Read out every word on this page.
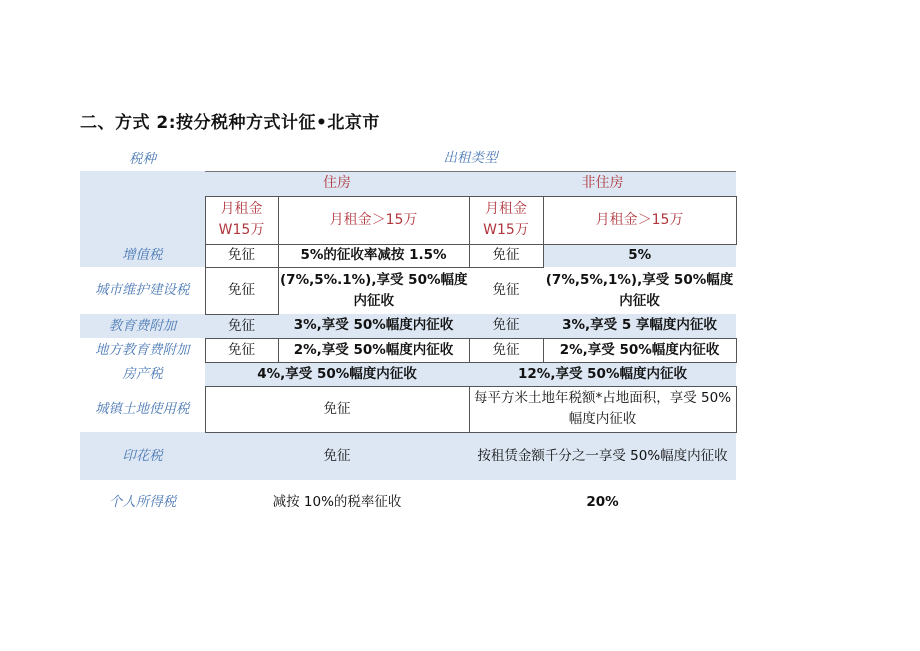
二、方式 2:按分税种方式计征•北京市
税种	出租类型			
	住房		非住房	
	月租金W15万	月租金＞15万	月租金W15万	月租金＞15万
增值税	免征	5%的征收率减按 1.5%	免征	5%
城市维护建设税	免征	(7%,5%.1%),享受 50%幅度内征收	免征	(7%,5%,1%),享受 50%幅度内征收
教育费附加	免征	3%,享受 50%幅度内征收	免征	3%,享受 5 享幅度内征收
地方教育费附加	免征	2%,享受 50%幅度内征收	免征	2%,享受 50%幅度内征收
房产税	4%,享受 50%幅度内征收		12%,享受 50%幅度内征收	
城镇土地使用税	免征		每平方米土地年税额*占地面积，享受 50%幅度内征收	
印花税	免征		按租赁金额千分之一享受 50%幅度内征收	
个人所得税	减按 10%的税率征收		20%	
